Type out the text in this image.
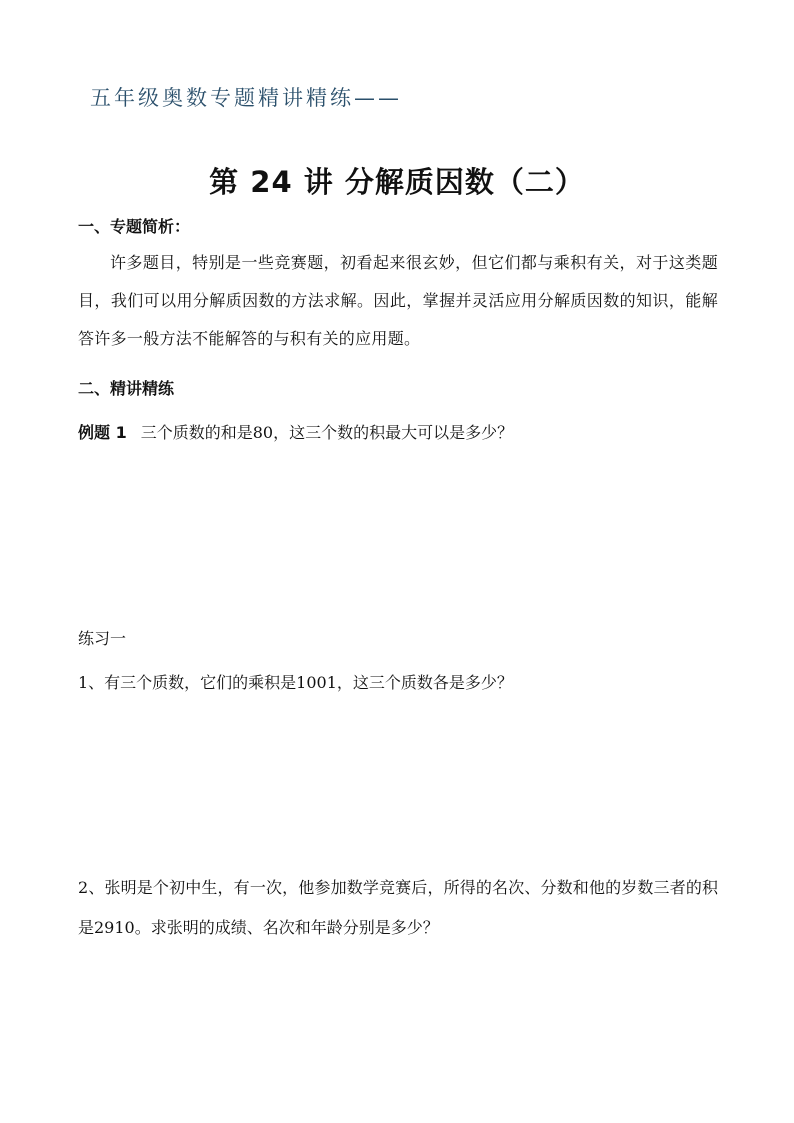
五年级奥数专题精讲精练——
第 24 讲 分解质因数（二）
一、专题简析：
许多题目，特别是一些竞赛题，初看起来很玄妙，但它们都与乘积有关，对于这类题目，我们可以用分解质因数的方法求解。因此，掌握并灵活应用分解质因数的知识，能解答许多一般方法不能解答的与积有关的应用题。
二、精讲精练
例题 1 三个质数的和是80，这三个数的积最大可以是多少？
练习一
1、有三个质数，它们的乘积是1001，这三个质数各是多少？
2、张明是个初中生，有一次，他参加数学竞赛后，所得的名次、分数和他的岁数三者的积是2910。求张明的成绩、名次和年龄分别是多少？
